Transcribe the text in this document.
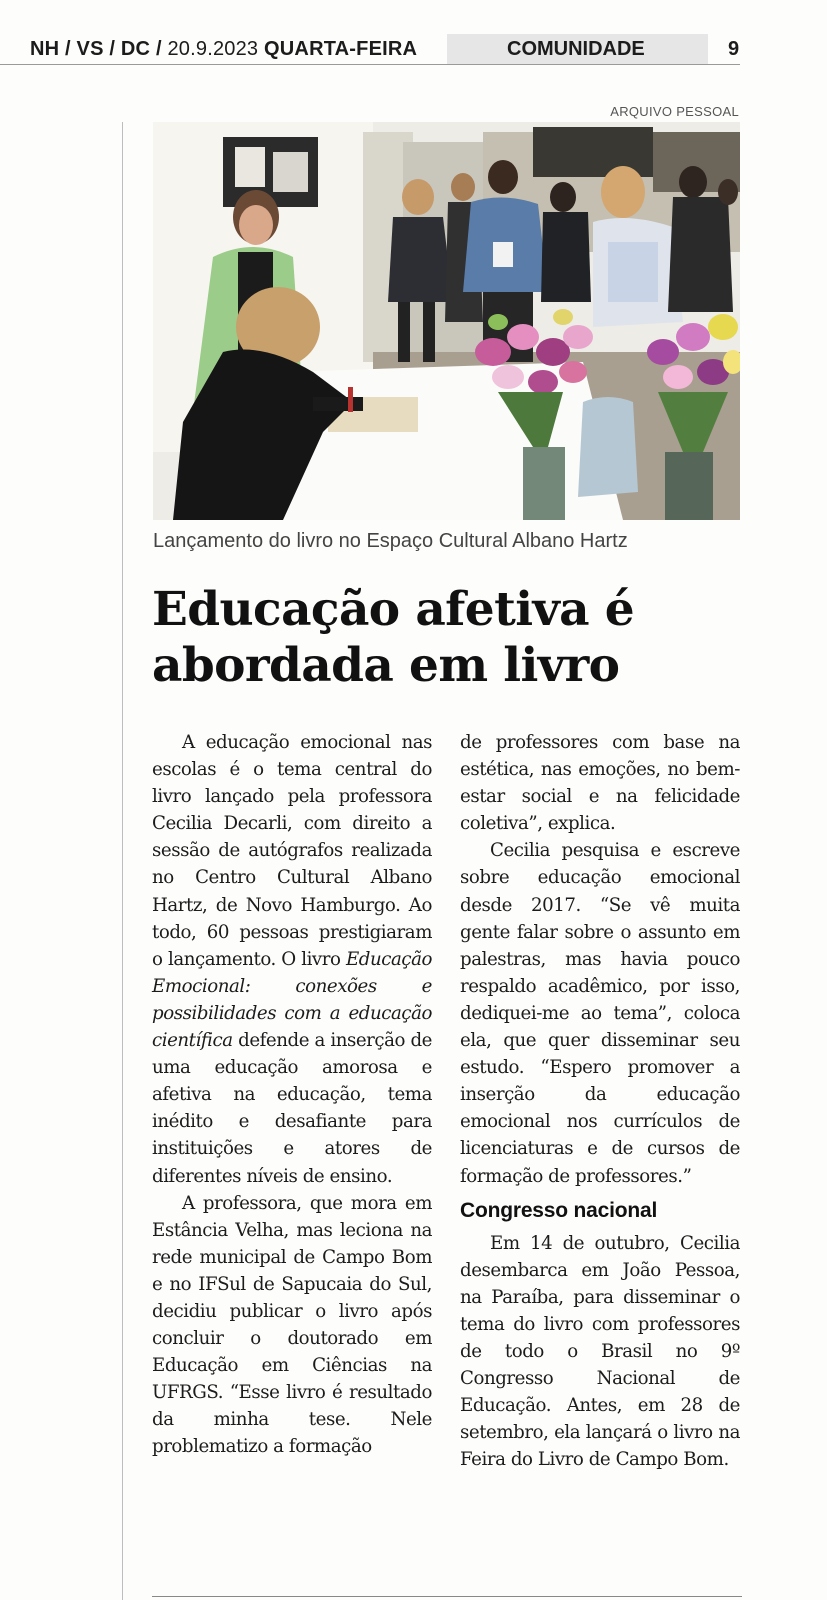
NH / VS / DC / 20.9.2023 QUARTA-FEIRA	COMUNIDADE	9
ARQUIVO PESSOAL
Lançamento do livro no Espaço Cultural Albano Hartz
Educação afetiva é abordada em livro

A educação emocional nas escolas é o tema central do livro lançado pela professora Cecilia Decarli, com direito a sessão de autógrafos realizada no Centro Cultural Albano Hartz, de Novo Hamburgo. Ao todo, 60 pessoas prestigiaram o lançamento. O livro Educação Emocional: conexões e possibilidades com a educação científica defende a inserção de uma educação amorosa e afetiva na educação, tema inédito e desafiante para instituições e atores de diferentes níveis de ensino.

A professora, que mora em Estância Velha, mas leciona na rede municipal de Campo Bom e no IFSul de Sapucaia do Sul, decidiu publicar o livro após concluir o doutorado em Educação em Ciências na UFRGS. “Esse livro é resultado da minha tese. Nele problematizo a formação

de professores com base na estética, nas emoções, no bem-estar social e na felicidade coletiva”, explica.

Cecilia pesquisa e escreve sobre educação emocional desde 2017. “Se vê muita gente falar sobre o assunto em palestras, mas havia pouco respaldo acadêmico, por isso, dediquei-me ao tema”, coloca ela, que quer disseminar seu estudo. “Espero promover a inserção da educação emocional nos currículos de licenciaturas e de cursos de formação de professores.”

Congresso nacional

Em 14 de outubro, Cecilia desembarca em João Pessoa, na Paraíba, para disseminar o tema do livro com professores de todo o Brasil no 9º Congresso Nacional de Educação. Antes, em 28 de setembro, ela lançará o livro na Feira do Livro de Campo Bom.
